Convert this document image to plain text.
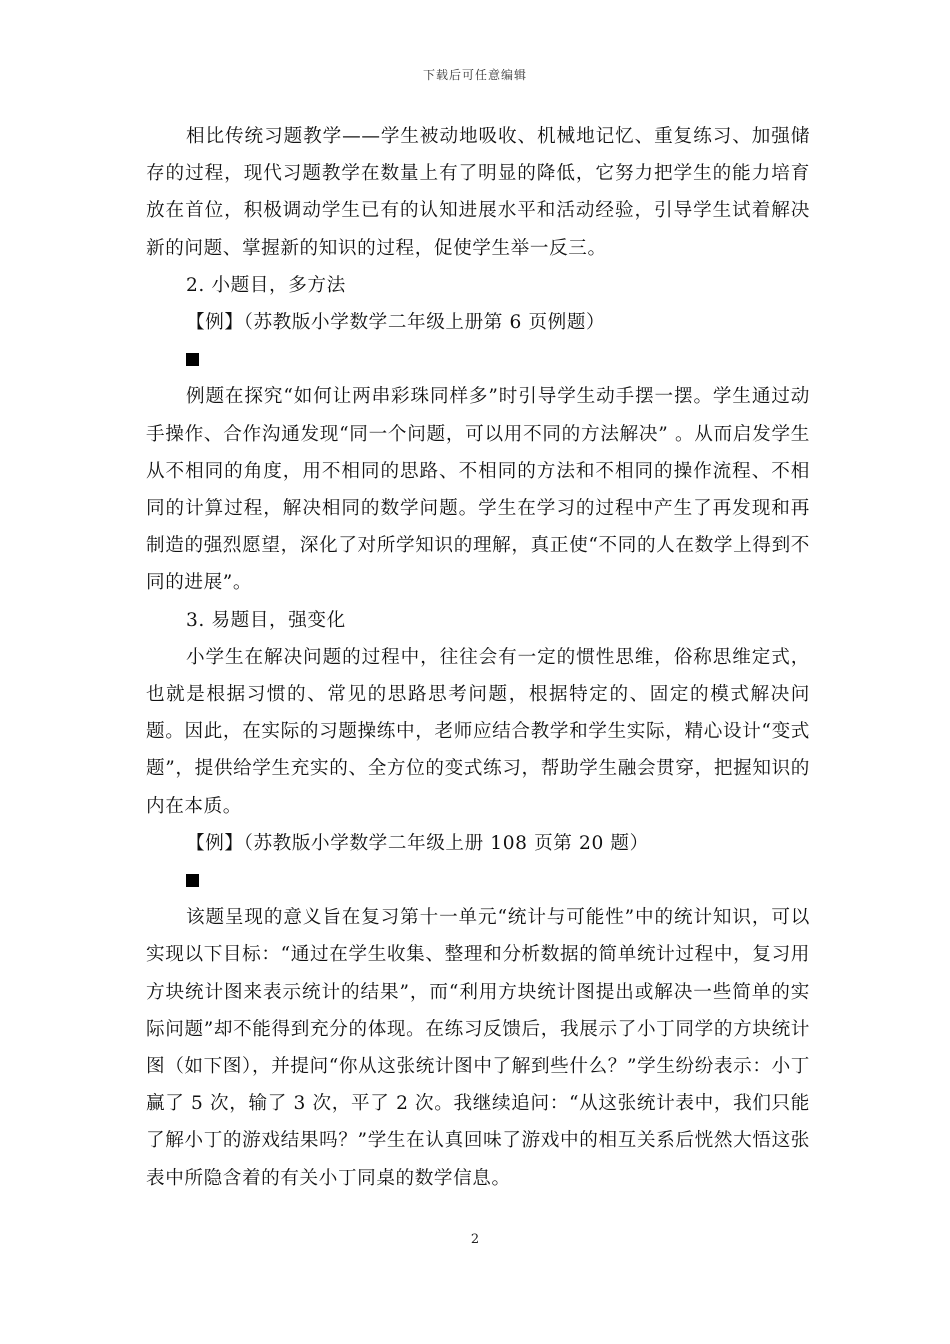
下载后可任意编辑

相比传统习题教学——学生被动地吸收、机械地记忆、重复练习、加强储存的过程，现代习题教学在数量上有了明显的降低，它努力把学生的能力培育放在首位，积极调动学生已有的认知进展水平和活动经验，引导学生试着解决新的问题、掌握新的知识的过程，促使学生举一反三。

2. 小题目，多方法

【例】（苏教版小学数学二年级上册第 6 页例题）

例题在探究“如何让两串彩珠同样多”时引导学生动手摆一摆。学生通过动手操作、合作沟通发现“同一个问题，可以用不同的方法解决” 。从而启发学生从不相同的角度，用不相同的思路、不相同的方法和不相同的操作流程、不相同的计算过程，解决相同的数学问题。学生在学习的过程中产生了再发现和再制造的强烈愿望，深化了对所学知识的理解，真正使“不同的人在数学上得到不同的进展”。

3. 易题目，强变化

小学生在解决问题的过程中，往往会有一定的惯性思维，俗称思维定式，也就是根据习惯的、常见的思路思考问题，根据特定的、固定的模式解决问题。因此，在实际的习题操练中，老师应结合教学和学生实际，精心设计“变式题”，提供给学生充实的、全方位的变式练习，帮助学生融会贯穿，把握知识的内在本质。

【例】（苏教版小学数学二年级上册 108 页第 20 题）

该题呈现的意义旨在复习第十一单元“统计与可能性”中的统计知识，可以实现以下目标：“通过在学生收集、整理和分析数据的简单统计过程中，复习用方块统计图来表示统计的结果”，而“利用方块统计图提出或解决一些简单的实际问题”却不能得到充分的体现。在练习反馈后，我展示了小丁同学的方块统计图（如下图），并提问“你从这张统计图中了解到些什么？”学生纷纷表示：小丁赢了 5 次，输了 3 次，平了 2 次。我继续追问：“从这张统计表中，我们只能了解小丁的游戏结果吗？”学生在认真回味了游戏中的相互关系后恍然大悟这张表中所隐含着的有关小丁同桌的数学信息。

2
